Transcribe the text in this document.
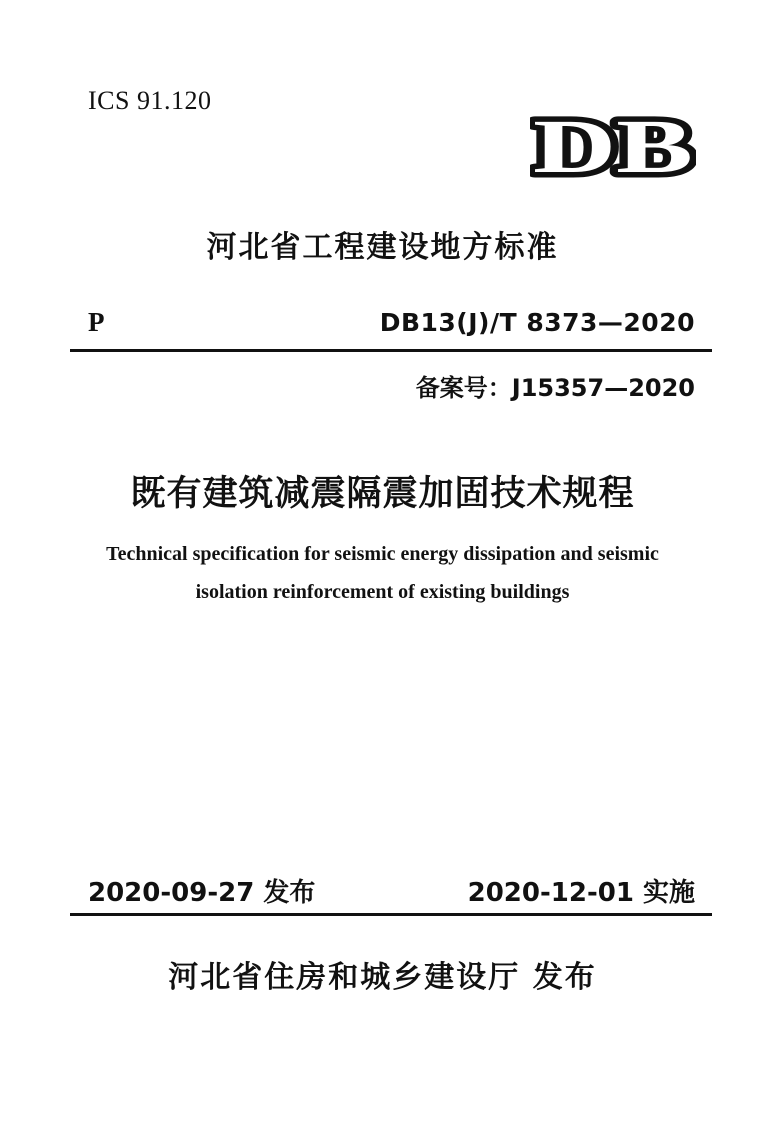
ICS 91.120
DB
河北省工程建设地方标准
P	DB13(J)/T 8373—2020
备案号：J15357—2020
既有建筑减震隔震加固技术规程
Technical specification for seismic energy dissipation and seismic
isolation reinforcement of existing buildings
2020-09-27 发布	2020-12-01 实施
河北省住房和城乡建设厅 发布
